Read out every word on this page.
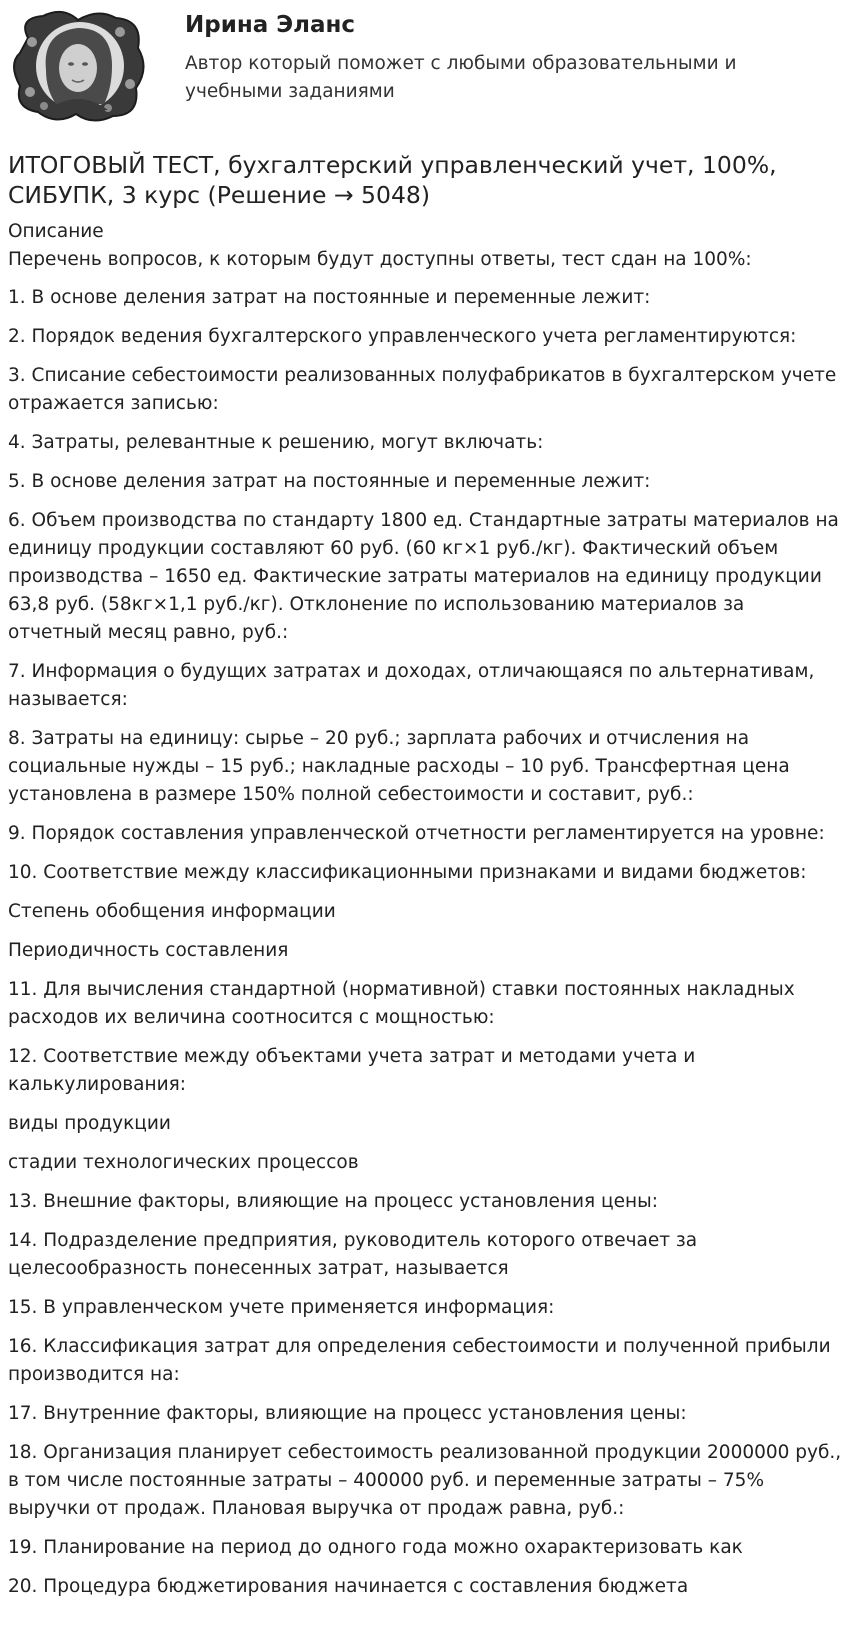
Ирина Эланс
Автор который поможет с любыми образовательными и учебными заданиями
ИТОГОВЫЙ ТЕСТ, бухгалтерский управленческий учет, 100%, СИБУПК, 3 курс (Решение → 5048)
Описание
Перечень вопросов, к которым будут доступны ответы, тест сдан на 100%:

1. В основе деления затрат на постоянные и переменные лежит:

2. Порядок ведения бухгалтерского управленческого учета регламентируются:

3. Списание себестоимости реализованных полуфабрикатов в бухгалтерском учете отражается записью:

4. Затраты, релевантные к решению, могут включать:

5. В основе деления затрат на постоянные и переменные лежит:

6. Объем производства по стандарту 1800 ед. Стандартные затраты материалов на единицу продукции составляют 60 руб. (60 кг×1 руб./кг). Фактический объем производства – 1650 ед. Фактические затраты материалов на единицу продукции 63,8 руб. (58кг×1,1 руб./кг). Отклонение по использованию материалов за отчетный месяц равно, руб.:

7. Информация о будущих затратах и доходах, отличающаяся по альтернативам, называется:

8. Затраты на единицу: сырье – 20 руб.; зарплата рабочих и отчисления на социальные нужды – 15 руб.; накладные расходы – 10 руб. Трансфертная цена установлена в размере 150% полной себестоимости и составит, руб.:

9. Порядок составления управленческой отчетности регламентируется на уровне:

10. Соответствие между классификационными признаками и видами бюджетов:

Степень обобщения информации

Периодичность составления

11. Для вычисления стандартной (нормативной) ставки постоянных накладных расходов их величина соотносится с мощностью:

12. Соответствие между объектами учета затрат и методами учета и калькулирования:

виды продукции

стадии технологических процессов

13. Внешние факторы, влияющие на процесс установления цены:

14. Подразделение предприятия, руководитель которого отвечает за целесообразность понесенных затрат, называется

15. В управленческом учете применяется информация:

16. Классификация затрат для определения себестоимости и полученной прибыли производится на:

17. Внутренние факторы, влияющие на процесс установления цены:

18. Организация планирует себестоимость реализованной продукции 2000000 руб., в том числе постоянные затраты – 400000 руб. и переменные затраты – 75% выручки от продаж. Плановая выручка от продаж равна, руб.:

19. Планирование на период до одного года можно охарактеризовать как

20. Процедура бюджетирования начинается с составления бюджета
